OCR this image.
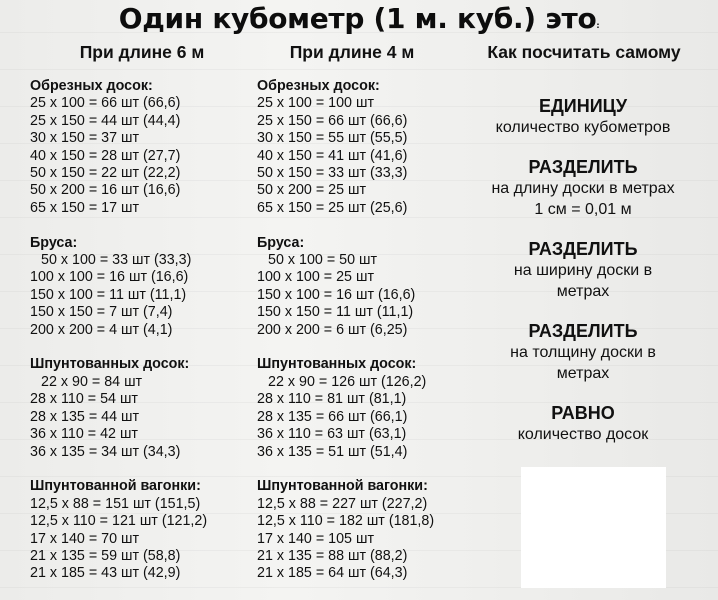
Один кубометр (1 м. куб.) это:
При длине 6 м	При длине 4 м	Как посчитать самому
Обрезных досок:
25 х 100 = 66 шт (66,6)
25 х 150 = 44 шт (44,4)
30 х 150 = 37 шт
40 х 150 = 28 шт (27,7)
50 х 150 = 22 шт (22,2)
50 х 200 = 16 шт (16,6)
65 х 150 = 17 шт
Бруса:
50 х 100 = 33 шт (33,3)
100 х 100 = 16 шт (16,6)
150 х 100 = 11 шт (11,1)
150 х 150 = 7 шт (7,4)
200 х 200 = 4 шт (4,1)
Шпунтованных досок:
22 х 90 = 84 шт
28 х 110 = 54 шт
28 х 135 = 44 шт
36 х 110 = 42 шт
36 х 135 = 34 шт (34,3)
Шпунтованной вагонки:
12,5 х 88 = 151 шт (151,5)
12,5 х 110 = 121 шт (121,2)
17 х 140 = 70 шт
21 х 135 = 59 шт (58,8)
21 х 185 = 43 шт (42,9)
Обрезных досок:
25 х 100 = 100 шт
25 х 150 = 66 шт (66,6)
30 х 150 = 55 шт (55,5)
40 х 150 = 41 шт (41,6)
50 х 150 = 33 шт (33,3)
50 х 200 = 25 шт
65 х 150 = 25 шт (25,6)
Бруса:
50 х 100 = 50 шт
100 х 100 = 25 шт
150 х 100 = 16 шт (16,6)
150 х 150 = 11 шт (11,1)
200 х 200 = 6 шт (6,25)
Шпунтованных досок:
22 х 90 = 126 шт (126,2)
28 х 110 = 81 шт (81,1)
28 х 135 = 66 шт (66,1)
36 х 110 = 63 шт (63,1)
36 х 135 = 51 шт (51,4)
Шпунтованной вагонки:
12,5 х 88 = 227 шт (227,2)
12,5 х 110 = 182 шт (181,8)
17 х 140 = 105 шт
21 х 135 = 88 шт (88,2)
21 х 185 = 64 шт (64,3)
ЕДИНИЦУ
количество кубометров
РАЗДЕЛИТЬ
на длину доски в метрах
1 см = 0,01 м
РАЗДЕЛИТЬ
на ширину доски в метрах
РАЗДЕЛИТЬ
на толщину доски в метрах
РАВНО
количество досок
